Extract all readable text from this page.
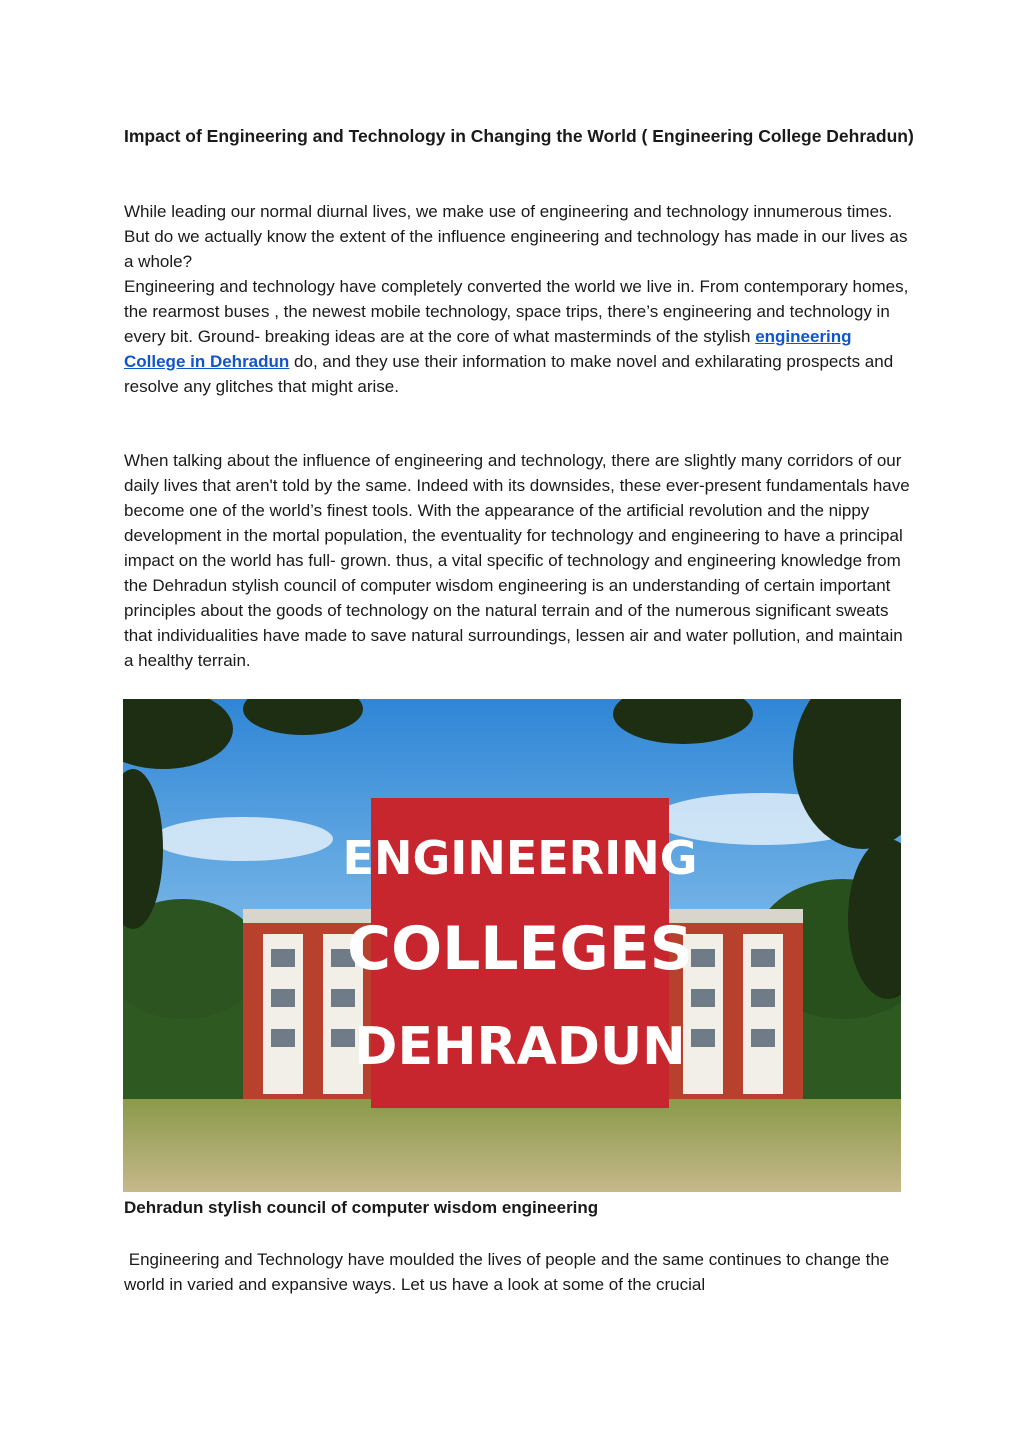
Impact of Engineering and Technology in Changing the World ( Engineering College Dehradun)

While leading our normal diurnal lives, we make use of engineering and technology innumerous times. But do we actually know the extent of the influence engineering and technology has made in our lives as a whole?

Engineering and technology have completely converted the world we live in. From contemporary homes, the rearmost buses , the newest mobile technology, space trips, there’s engineering and technology in every bit. Ground- breaking ideas are at the core of what masterminds of the stylish engineering College in Dehradun do, and they use their information to make novel and exhilarating prospects and resolve any glitches that might arise.

When talking about the influence of engineering and technology, there are slightly many corridors of our daily lives that aren't told by the same. Indeed with its downsides, these ever-present fundamentals have become one of the world’s finest tools. With the appearance of the artificial revolution and the nippy development in the mortal population, the eventuality for technology and engineering to have a principal impact on the world has full- grown. thus, a vital specific of technology and engineering knowledge from the Dehradun stylish council of computer wisdom engineering is an understanding of certain important principles about the goods of technology on the natural terrain and of the numerous significant sweats that individualities have made to save natural surroundings, lessen air and water pollution, and maintain a healthy terrain.

ENGINEERING
COLLEGES
DEHRADUN

Dehradun stylish council of computer wisdom engineering

Engineering and Technology have moulded the lives of people and the same continues to change the world in varied and expansive ways. Let us have a look at some of the crucial
